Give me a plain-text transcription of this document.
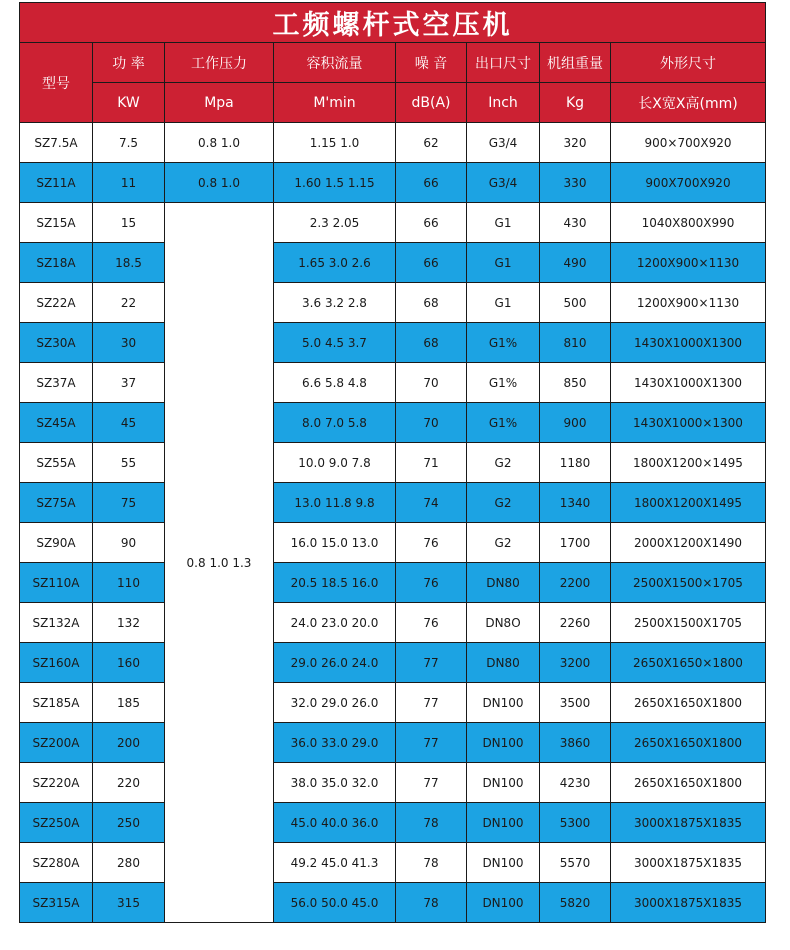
工频螺杆式空压机							
型号	功 率	工作压力	容积流量	噪 音	出口尺寸	机组重量	外形尺寸
	KW	Mpa	M'min	dB(A)	Inch	Kg	长X宽X高(mm)
SZ7.5A	7.5	0.8 1.0	1.15 1.0	62	G3/4	320	900×700X920
SZ11A	11	0.8 1.0	1.60 1.5 1.15	66	G3/4	330	900X700X920
SZ15A	15	0.8 1.0 1.3	2.3 2.05	66	G1	430	1040X800X990
SZ18A	18.5		1.65 3.0 2.6	66	G1	490	1200X900×1130
SZ22A	22		3.6 3.2 2.8	68	G1	500	1200X900×1130
SZ30A	30		5.0 4.5 3.7	68	G1%	810	1430X1000X1300
SZ37A	37		6.6 5.8 4.8	70	G1%	850	1430X1000X1300
SZ45A	45		8.0 7.0 5.8	70	G1%	900	1430X1000×1300
SZ55A	55		10.0 9.0 7.8	71	G2	1180	1800X1200×1495
SZ75A	75		13.0 11.8 9.8	74	G2	1340	1800X1200X1495
SZ90A	90		16.0 15.0 13.0	76	G2	1700	2000X1200X1490
SZ110A	110		20.5 18.5 16.0	76	DN80	2200	2500X1500×1705
SZ132A	132		24.0 23.0 20.0	76	DN8O	2260	2500X1500X1705
SZ160A	160		29.0 26.0 24.0	77	DN80	3200	2650X1650×1800
SZ185A	185		32.0 29.0 26.0	77	DN100	3500	2650X1650X1800
SZ200A	200		36.0 33.0 29.0	77	DN100	3860	2650X1650X1800
SZ220A	220		38.0 35.0 32.0	77	DN100	4230	2650X1650X1800
SZ250A	250		45.0 40.0 36.0	78	DN100	5300	3000X1875X1835
SZ280A	280		49.2 45.0 41.3	78	DN100	5570	3000X1875X1835
SZ315A	315		56.0 50.0 45.0	78	DN100	5820	3000X1875X1835
